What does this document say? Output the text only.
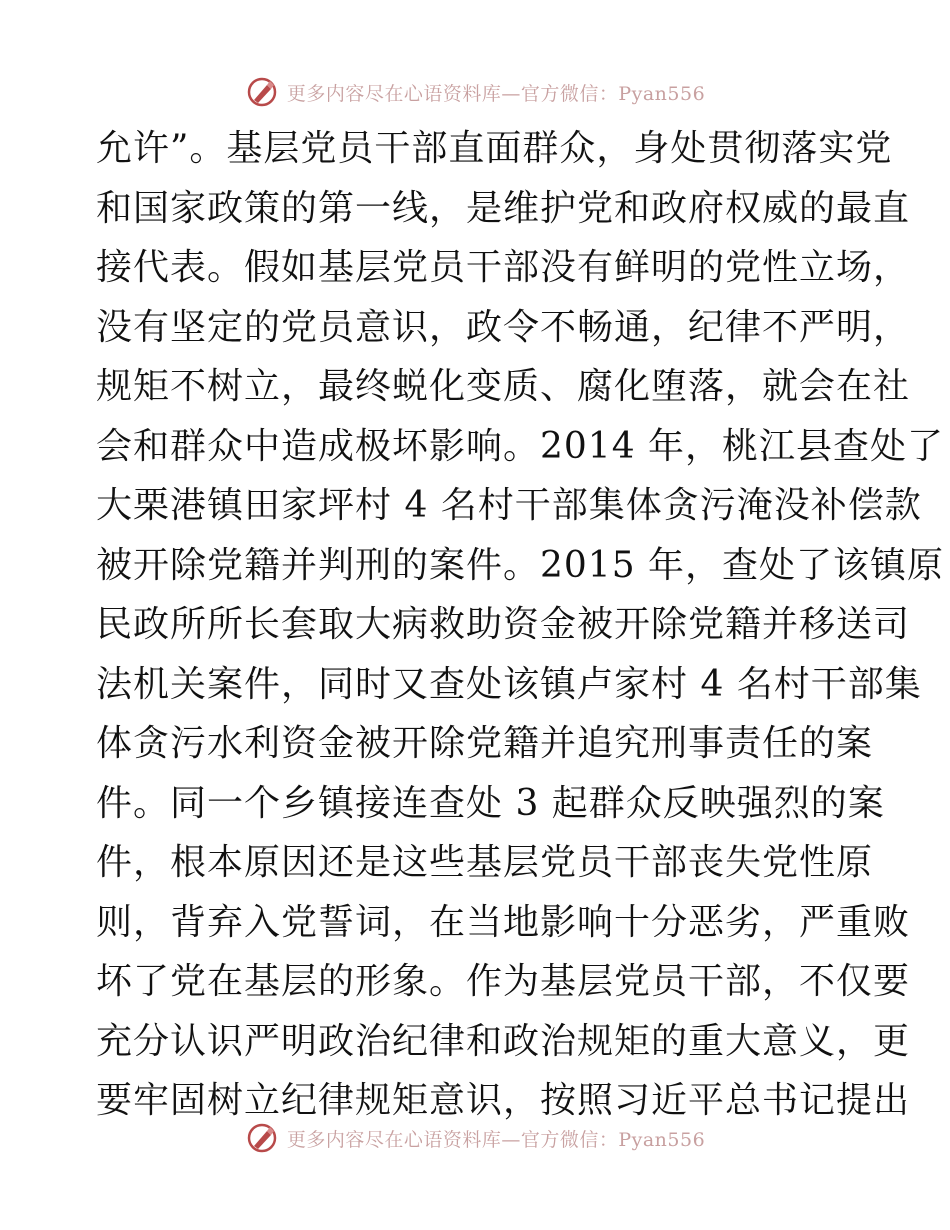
更多内容尽在心语资料库—官方微信：Pyan556
允许”。基层党员干部直面群众，身处贯彻落实党
和国家政策的第一线，是维护党和政府权威的最直
接代表。假如基层党员干部没有鲜明的党性立场，
没有坚定的党员意识，政令不畅通，纪律不严明，
规矩不树立，最终蜕化变质、腐化堕落，就会在社
会和群众中造成极坏影响。2014 年，桃江县查处了
大栗港镇田家坪村 4 名村干部集体贪污淹没补偿款
被开除党籍并判刑的案件。2015 年，查处了该镇原
民政所所长套取大病救助资金被开除党籍并移送司
法机关案件，同时又查处该镇卢家村 4 名村干部集
体贪污水利资金被开除党籍并追究刑事责任的案
件。同一个乡镇接连查处 3 起群众反映强烈的案
件，根本原因还是这些基层党员干部丧失党性原
则，背弃入党誓词，在当地影响十分恶劣，严重败
坏了党在基层的形象。作为基层党员干部，不仅要
充分认识严明政治纪律和政治规矩的重大意义，更
要牢固树立纪律规矩意识，按照习近平总书记提出
更多内容尽在心语资料库—官方微信：Pyan556
